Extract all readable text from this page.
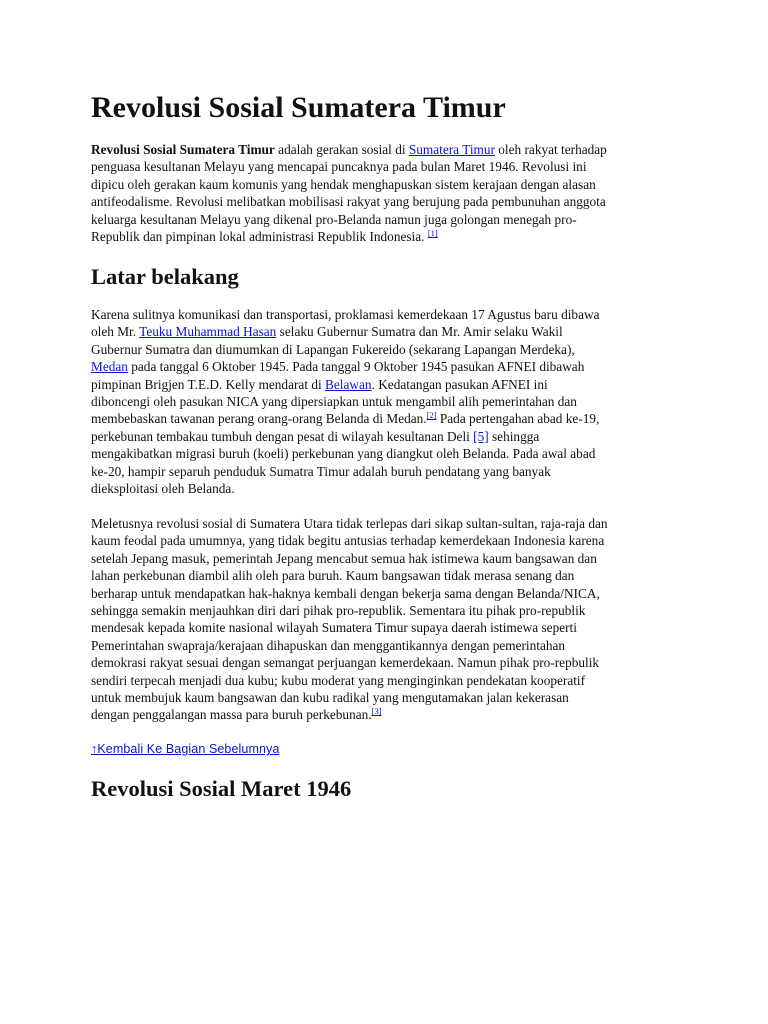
Revolusi Sosial Sumatera Timur
Revolusi Sosial Sumatera Timur adalah gerakan sosial di Sumatera Timur oleh rakyat terhadap
penguasa kesultanan Melayu yang mencapai puncaknya pada bulan Maret 1946. Revolusi ini
dipicu oleh gerakan kaum komunis yang hendak menghapuskan sistem kerajaan dengan alasan
antifeodalisme. Revolusi melibatkan mobilisasi rakyat yang berujung pada pembunuhan anggota
keluarga kesultanan Melayu yang dikenal pro-Belanda namun juga golongan menegah pro-
Republik dan pimpinan lokal administrasi Republik Indonesia. [1]
Latar belakang
Karena sulitnya komunikasi dan transportasi, proklamasi kemerdekaan 17 Agustus baru dibawa
oleh Mr. Teuku Muhammad Hasan selaku Gubernur Sumatra dan Mr. Amir selaku Wakil
Gubernur Sumatra dan diumumkan di Lapangan Fukereido (sekarang Lapangan Merdeka),
Medan pada tanggal 6 Oktober 1945. Pada tanggal 9 Oktober 1945 pasukan AFNEI dibawah
pimpinan Brigjen T.E.D. Kelly mendarat di Belawan. Kedatangan pasukan AFNEI ini
diboncengi oleh pasukan NICA yang dipersiapkan untuk mengambil alih pemerintahan dan
membebaskan tawanan perang orang-orang Belanda di Medan.[2] Pada pertengahan abad ke-19,
perkebunan tembakau tumbuh dengan pesat di wilayah kesultanan Deli [5] sehingga
mengakibatkan migrasi buruh (koeli) perkebunan yang diangkut oleh Belanda. Pada awal abad
ke-20, hampir separuh penduduk Sumatra Timur adalah buruh pendatang yang banyak
dieksploitasi oleh Belanda.
Meletusnya revolusi sosial di Sumatera Utara tidak terlepas dari sikap sultan-sultan, raja-raja dan
kaum feodal pada umumnya, yang tidak begitu antusias terhadap kemerdekaan Indonesia karena
setelah Jepang masuk, pemerintah Jepang mencabut semua hak istimewa kaum bangsawan dan
lahan perkebunan diambil alih oleh para buruh. Kaum bangsawan tidak merasa senang dan
berharap untuk mendapatkan hak-haknya kembali dengan bekerja sama dengan Belanda/NICA,
sehingga semakin menjauhkan diri dari pihak pro-republik. Sementara itu pihak pro-republik
mendesak kepada komite nasional wilayah Sumatera Timur supaya daerah istimewa seperti
Pemerintahan swapraja/kerajaan dihapuskan dan menggantikannya dengan pemerintahan
demokrasi rakyat sesuai dengan semangat perjuangan kemerdekaan. Namun pihak pro-repbulik
sendiri terpecah menjadi dua kubu; kubu moderat yang menginginkan pendekatan kooperatif
untuk membujuk kaum bangsawan dan kubu radikal yang mengutamakan jalan kekerasan
dengan penggalangan massa para buruh perkebunan.[3]
↑Kembali Ke Bagian Sebelumnya
Revolusi Sosial Maret 1946
